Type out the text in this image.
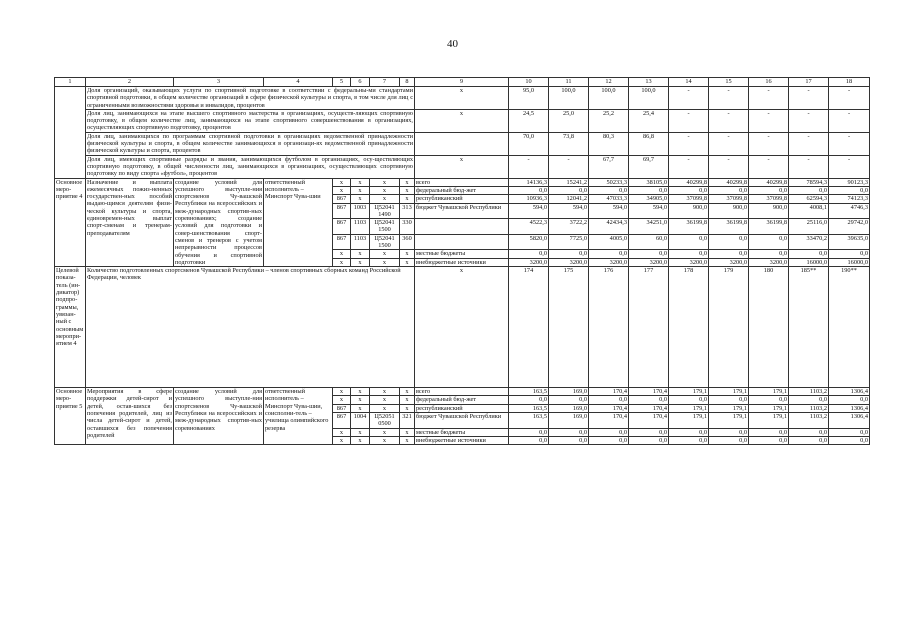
40
1	2	3	4	5	6	7	8	9	10	11	12	13	14	15	16	17	18
	Доля организаций, оказывающих услуги по спортивной подготовке в соответствии с федеральны-ми стандартами спортивной подготовки, в общем количестве организаций в сфере физической культуры и спорта, в том числе для лиц с ограниченными возможностями здоровья и инвалидов, процентов							х	95,0	100,0	100,0	100,0	-	-	-	-	-
	Доля лиц, занимающихся на этапе высшего спортивного мастерства в организациях, осуществ-ляющих спортивную подготовку, в общем количестве лиц, занимающихся на этапе спортивного совершенствования в организациях, осуществляющих спортивную подготовку, процентов							х	24,5	25,0	25,2	25,4	-	-	-	-	-
	Доля лиц, занимающихся по программам спортивной подготовки в организациях ведомственной принадлежности физической культуры и спорта, в общем количестве занимающихся в организаци-ях ведомственной принадлежности физической культуры и спорта, процентов								70,0	73,8	80,3	86,8	-	-	-	-	-
	Доля лиц, имеющих спортивные разряды и звания, занимающихся футболом в организациях, осу-ществляющих спортивную подготовку, в общей численности лиц, занимающихся в организациях, осуществляющих спортивную подготовку по виду спорта «футбол», процентов							х	-	-	67,7	69,7	-	-	-	-	-
Основное меро-приятие 4	Назначение и выплата ежемесячных пожиз-ненных государствен-ных пособий выдаю-щимся деятелям физи-ческой культуры и спорта, единовремен-ных выплат спорт-сменам и тренерам-преподавателям	создание условий для успешного выступле-ния спортсменов Чу-вашской Республики на всероссийских и меж-дународных спортив-ных соревнованиях; создание условий для подготовки и совер-шенствования спорт-сменов и тренеров с учетом непрерывности процессов обучения и спортивной подготовки	ответственный исполнитель – Минспорт Чува-шии	х	х	х	х	всего	14136,3	15241,2	50233,3	38105,0	40299,8	40299,8	40299,8	78594,3	90123,3
				х	х	х	х	федеральный бюд-жет	0,0	0,0	0,0	0,0	0,0	0,0	0,0	0,0	0,0
				867	х	х	х	республиканский	10936,3	12041,2	47033,3	34905,0	37099,8	37099,8	37099,8	62594,3	74123,3
				867	1003	Ц52041 1490	313	бюджет Чувашской Республики	594,0	594,0	594,0	594,0	900,0	900,0	900,0	4008,1	4746,3
				867	1103	Ц52041 1500	330		4522,3	3722,2	42434,3	34251,0	36199,8	36199,8	36199,8	25116,0	29742,0
				867	1103	Ц52041 1500	360		5820,0	7725,0	4005,0	60,0	0,0	0,0	0,0	33470,2	39635,0
				х	х	х	х	местные бюджеты	0,0	0,0	0,0	0,0	0,0	0,0	0,0	0,0	0,0
				х	х	х	х	внебюджетные источники	3200,0	3200,0	3200,0	3200,0	3200,0	3200,0	3200,0	16000,0	16000,0
Целевой показа-тель (ин-дикатор) подпро-граммы, увязан-ный с основным меропри-ятием 4	Количество подготовленных спортсменов Чувашской Республики – членов спортивных сборных команд Российской Федерации, человек							х	174	175	176	177	178	179	180	185**	190**
Основное меро-приятие 5	Мероприятия в сфере поддержки детей-сирот и детей, остав-шихся без попечения родителей, лиц из числа детей-сирот и детей, оставшихся без попечения родителей	создание условий для успешного выступле-ния спортсменов Чу-вашской Республики на всероссийских и меж-дународных спортив-ных соревнованиях	ответственный исполнитель – Минспорт Чува-шии, соисполни-тель – училища олимпийского резерва	х	х	х	х	всего	163,5	169,0	170,4	170,4	179,1	179,1	179,1	1103,2	1306,4
				х	х	х	х	федеральный бюд-жет	0,0	0,0	0,0	0,0	0,0	0,0	0,0	0,0	0,0
				867	х	х	х	республиканский	163,5	169,0	170,4	170,4	179,1	179,1	179,1	1103,2	1306,4
				867	1004	Ц52051 0500	321	бюджет Чувашской Республики	163,5	169,0	170,4	170,4	179,1	179,1	179,1	1103,2	1306,4
				х	х	х	х	местные бюджеты	0,0	0,0	0,0	0,0	0,0	0,0	0,0	0,0	0,0
				х	х	х	х	внебюджетные источники	0,0	0,0	0,0	0,0	0,0	0,0	0,0	0,0	0,0
